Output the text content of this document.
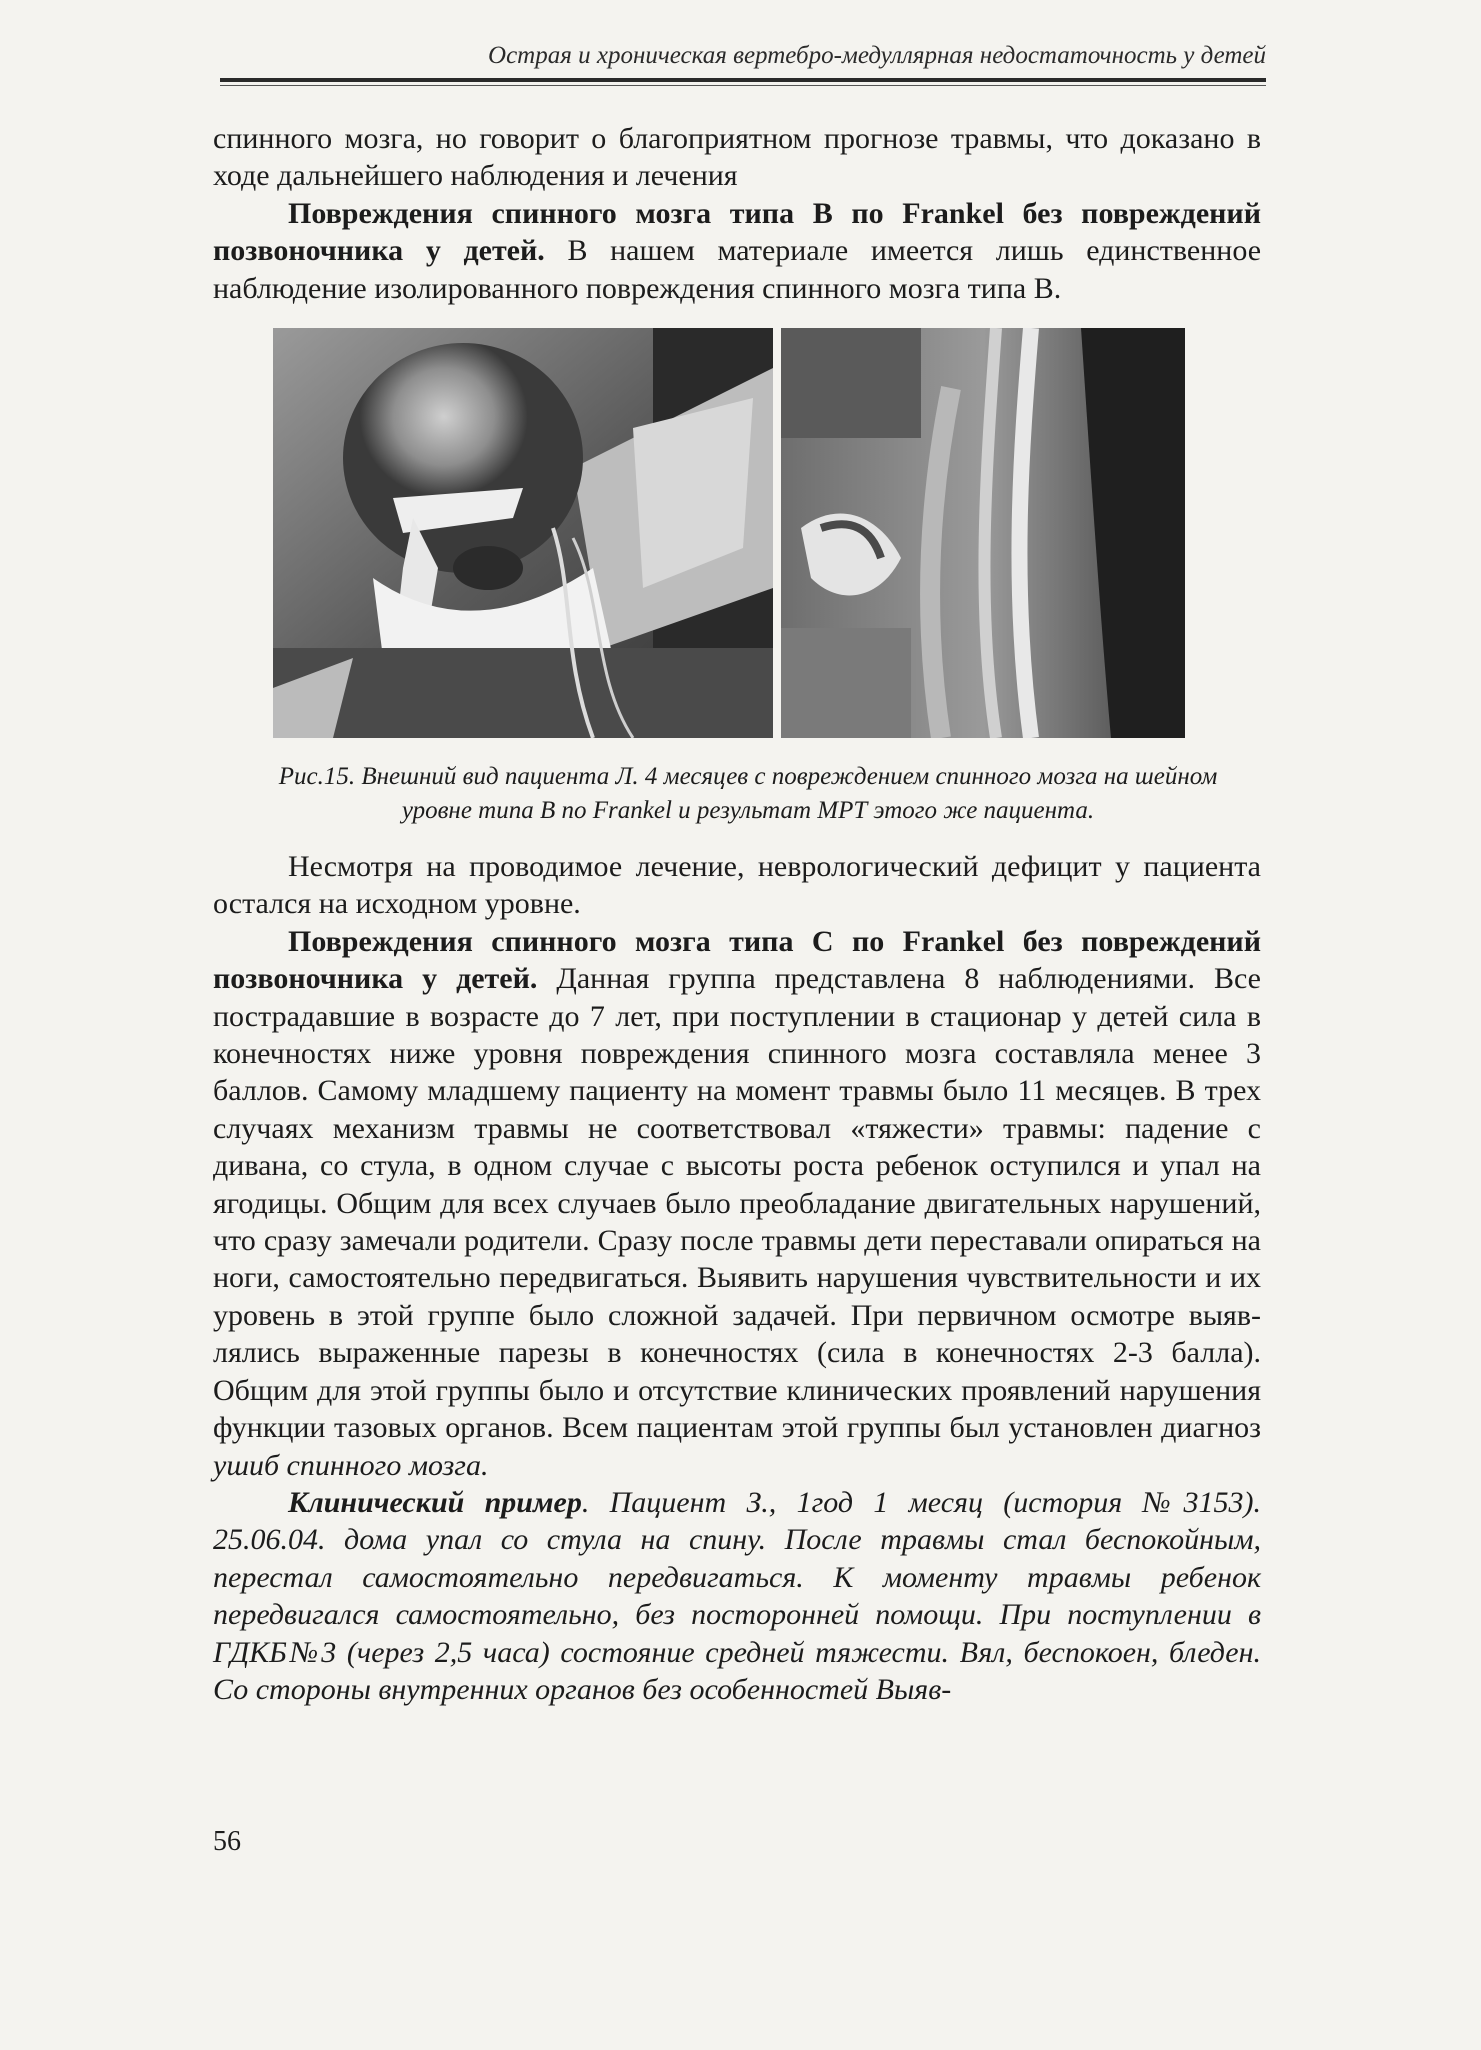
Острая и хроническая вертебро-медуллярная недостаточность у детей

спинного мозга, но говорит о благоприятном прогнозе травмы, что доказано в ходе дальнейшего наблюдения и лечения

Повреждения спинного мозга типа B по Frankel без повреждений позвоночника у детей. В нашем материале имеется лишь единственное наблюдение изолированного повреждения спинного мозга типа B.

Рис.15. Внешний вид пациента Л. 4 месяцев с повреждением спинного мозга на шейном уровне типа B по Frankel и результат МРТ этого же пациента.

Несмотря на проводимое лечение, неврологический дефицит у пациента остался на исходном уровне.

Повреждения спинного мозга типа C по Frankel без повреждений позвоночника у детей. Данная группа представлена 8 наблюдениями. Все пострадавшие в возрасте до 7 лет, при поступлении в стационар у детей сила в конечностях ниже уровня повреждения спинного мозга составляла менее 3 баллов. Самому младшему пациенту на момент травмы было 11 месяцев. В трех случаях механизм травмы не соответствовал «тяжести» травмы: падение с дивана, со стула, в одном случае с высоты роста ребенок оступился и упал на ягодицы. Общим для всех случаев было преобладание двигательных нарушений, что сразу замечали родители. Сразу после травмы дети переставали опираться на ноги, самостоятельно передвигаться. Выявить нарушения чувствительности и их уровень в этой группе было сложной задачей. При первичном осмотре выявлялись выраженные парезы в конечностях (сила в конечностях 2-3 балла). Общим для этой группы было и отсутствие клинических проявлений нарушения функции тазовых органов. Всем пациентам этой группы был установлен диагноз ушиб спинного мозга.

Клинический пример. Пациент З., 1год 1 месяц (история №3153). 25.06.04. дома упал со стула на спину. После травмы стал беспокойным, перестал самостоятельно передвигаться. К моменту травмы ребенок передвигался самостоятельно, без посторонней помощи. При поступлении в ГДКБ№3 (через 2,5 часа) состояние средней тяжести. Вял, беспокоен, бледен. Со стороны внутренних органов без особенностей Выяв-

56
